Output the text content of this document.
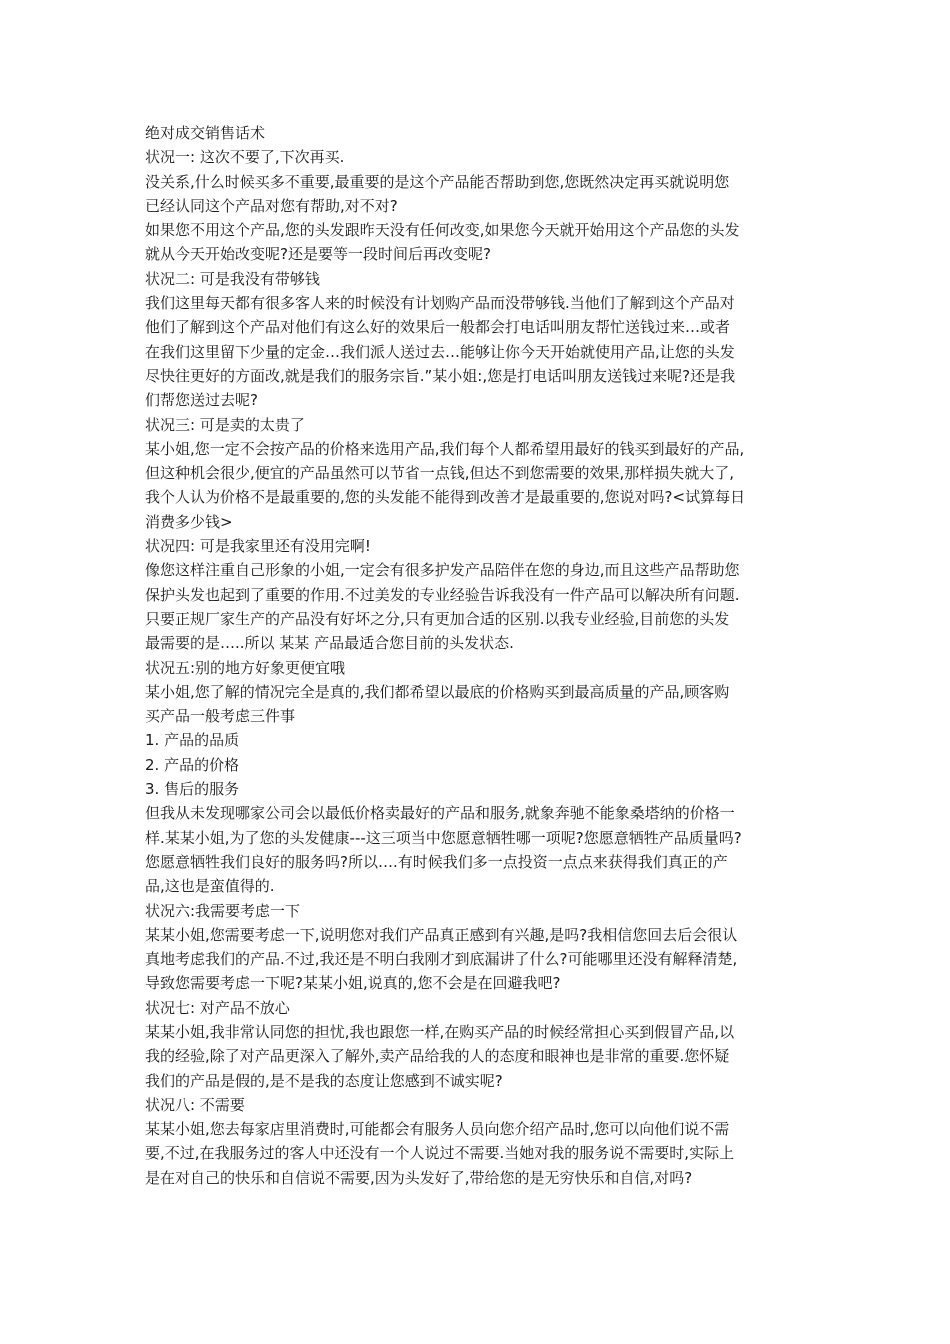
绝对成交销售话术
状况一: 这次不要了,下次再买.
没关系,什么时候买多不重要,最重要的是这个产品能否帮助到您,您既然决定再买就说明您
已经认同这个产品对您有帮助,对不对?
如果您不用这个产品,您的头发跟昨天没有任何改变,如果您今天就开始用这个产品您的头发
就从今天开始改变呢?还是要等一段时间后再改变呢?
状况二: 可是我没有带够钱
我们这里每天都有很多客人来的时候没有计划购产品而没带够钱.当他们了解到这个产品对
他们了解到这个产品对他们有这么好的效果后一般都会打电话叫朋友帮忙送钱过来…或者
在我们这里留下少量的定金…我们派人送过去…能够让你今天开始就使用产品,让您的头发
尽快往更好的方面改,就是我们的服务宗旨.”某小姐:,您是打电话叫朋友送钱过来呢?还是我
们帮您送过去呢?
状况三: 可是卖的太贵了
某小姐,您一定不会按产品的价格来选用产品,我们每个人都希望用最好的钱买到最好的产品,
但这种机会很少,便宜的产品虽然可以节省一点钱,但达不到您需要的效果,那样损失就大了,
我个人认为价格不是最重要的,您的头发能不能得到改善才是最重要的,您说对吗?<试算每日
消费多少钱>
状况四: 可是我家里还有没用完啊!
像您这样注重自己形象的小姐,一定会有很多护发产品陪伴在您的身边,而且这些产品帮助您
保护头发也起到了重要的作用.不过美发的专业经验告诉我没有一件产品可以解决所有问题.
只要正规厂家生产的产品没有好坏之分,只有更加合适的区别.以我专业经验,目前您的头发
最需要的是…..所以 某某 产品最适合您目前的头发状态.
状况五:别的地方好象更便宜哦
某小姐,您了解的情况完全是真的,我们都希望以最底的价格购买到最高质量的产品,顾客购
买产品一般考虑三件事
1. 产品的品质
2. 产品的价格
3. 售后的服务
但我从未发现哪家公司会以最低价格卖最好的产品和服务,就象奔驰不能象桑塔纳的价格一
样.某某小姐,为了您的头发健康---这三项当中您愿意牺牲哪一项呢?您愿意牺牲产品质量吗?
您愿意牺牲我们良好的服务吗?所以….有时候我们多一点投资一点点来获得我们真正的产
品,这也是蛮值得的.
状况六:我需要考虑一下
某某小姐,您需要考虑一下,说明您对我们产品真正感到有兴趣,是吗?我相信您回去后会很认
真地考虑我们的产品.不过,我还是不明白我刚才到底漏讲了什么?可能哪里还没有解释清楚,
导致您需要考虑一下呢?某某小姐,说真的,您不会是在回避我吧?
状况七: 对产品不放心
某某小姐,我非常认同您的担忧,我也跟您一样,在购买产品的时候经常担心买到假冒产品,以
我的经验,除了对产品更深入了解外,卖产品给我的人的态度和眼神也是非常的重要.您怀疑
我们的产品是假的,是不是我的态度让您感到不诚实呢?
状况八: 不需要
某某小姐,您去每家店里消费时,可能都会有服务人员向您介绍产品时,您可以向他们说不需
要,不过,在我服务过的客人中还没有一个人说过不需要.当她对我的服务说不需要时,实际上
是在对自己的快乐和自信说不需要,因为头发好了,带给您的是无穷快乐和自信,对吗?
